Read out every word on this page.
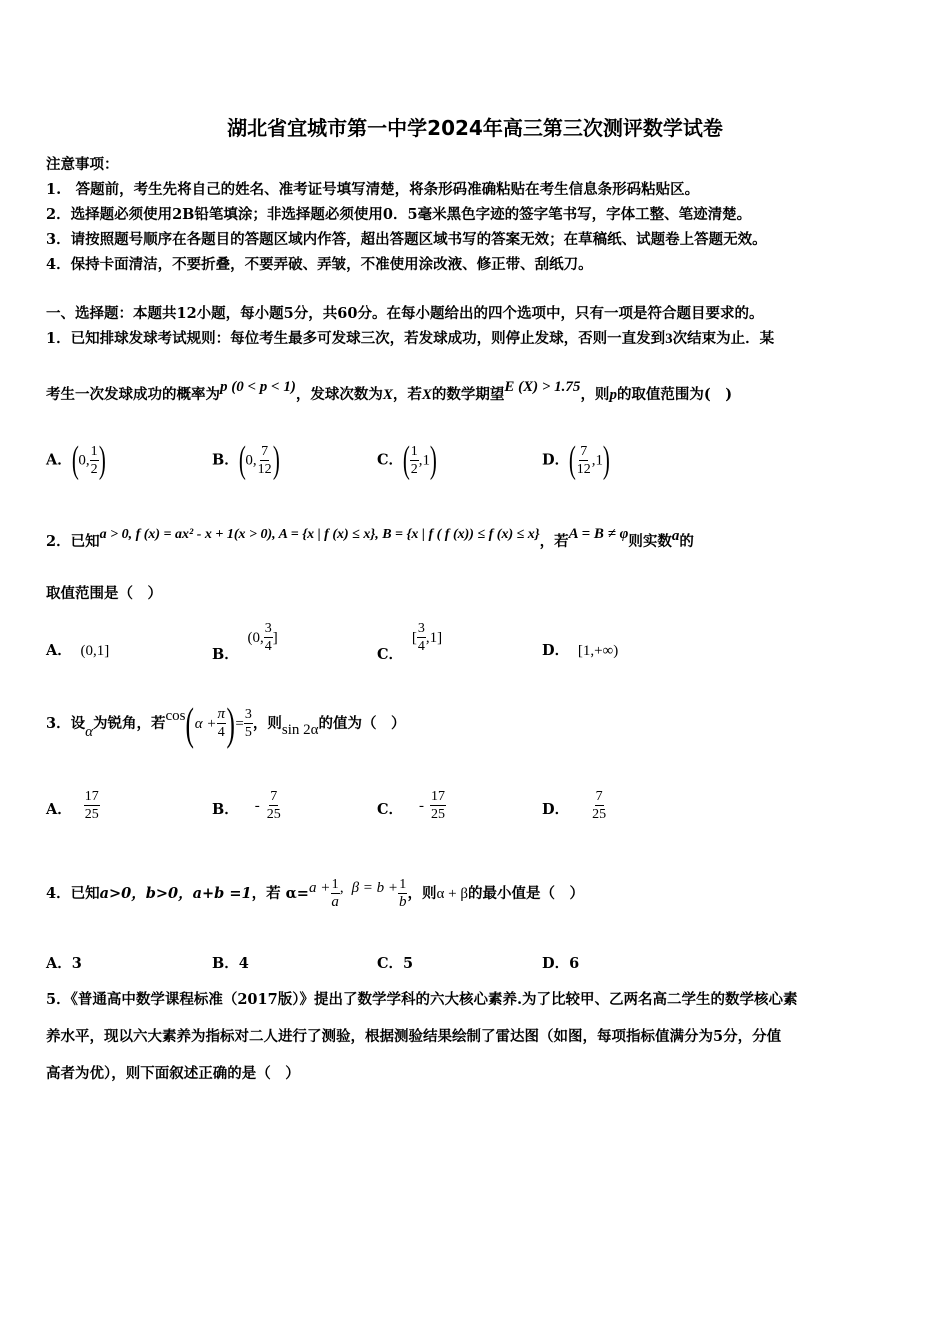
湖北省宜城市第一中学2024年高三第三次测评数学试卷
注意事项：
1.　答题前，考生先将自己的姓名、准考证号填写清楚，将条形码准确粘贴在考生信息条形码粘贴区。
2．选择题必须使用2B铅笔填涂；非选择题必须使用0．5毫米黑色字迹的签字笔书写，字体工整、笔迹清楚。
3．请按照题号顺序在各题目的答题区域内作答，超出答题区域书写的答案无效；在草稿纸、试题卷上答题无效。
4．保持卡面清洁，不要折叠，不要弄破、弄皱，不准使用涂改液、修正带、刮纸刀。
一、选择题：本题共12小题，每小题5分，共60分。在每小题给出的四个选项中，只有一项是符合题目要求的。
1．已知排球发球考试规则：每位考生最多可发球三次，若发球成功，则停止发球，否则一直发到3次结束为止．某
考生一次发球成功的概率为p (0 < p < 1)，发球次数为X，若X的数学期望E (X) > 1.75，则p的取值范围为(　)
A．(0, $\frac{1}{2}$ )	B．(0, $\frac{7}{12}$ )	C．( $\frac{1}{2} ,1$)	D．( $\frac{7}{12} ,1$)
2．已知a > 0, f (x) = ax² - x + 1(x > 0), A = {x | f (x) ≤ x}, B = {x | f ( f (x)) ≤ f (x) ≤ x}，若A = B ≠ φ则实数a的
取值范围是（　）
A．　 (0,1]	B．　(0, $\frac{3}{4}$ ]
C．　[ $\frac{3}{4} ,1$]
D．　 [1,+∞)
3．设α为锐角，若$\cos(\alpha + \frac{\pi}{4}$ )= $\frac{3}{5}$ ，则sin 2α的值为（　）
A． $\frac{17}{25}$	B． - $\frac{7}{25}$	C． - $\frac{17}{25}$	D． $\frac{7}{25}$
4．已知a>0，b>0，a+b =1，若 $\alpha=a + \frac{1}{a}$ , $\beta = b + \frac{1}{b}$ ，则α + β的最小值是（　）
A．3	B．4	C．5	D．6
5．《普通高中数学课程标准（2017版）》提出了数学学科的六大核心素养.为了比较甲、乙两名高二学生的数学核心素
养水平，现以六大素养为指标对二人进行了测验，根据测验结果绘制了雷达图（如图，每项指标值满分为5分，分值
高者为优），则下面叙述正确的是（　）
